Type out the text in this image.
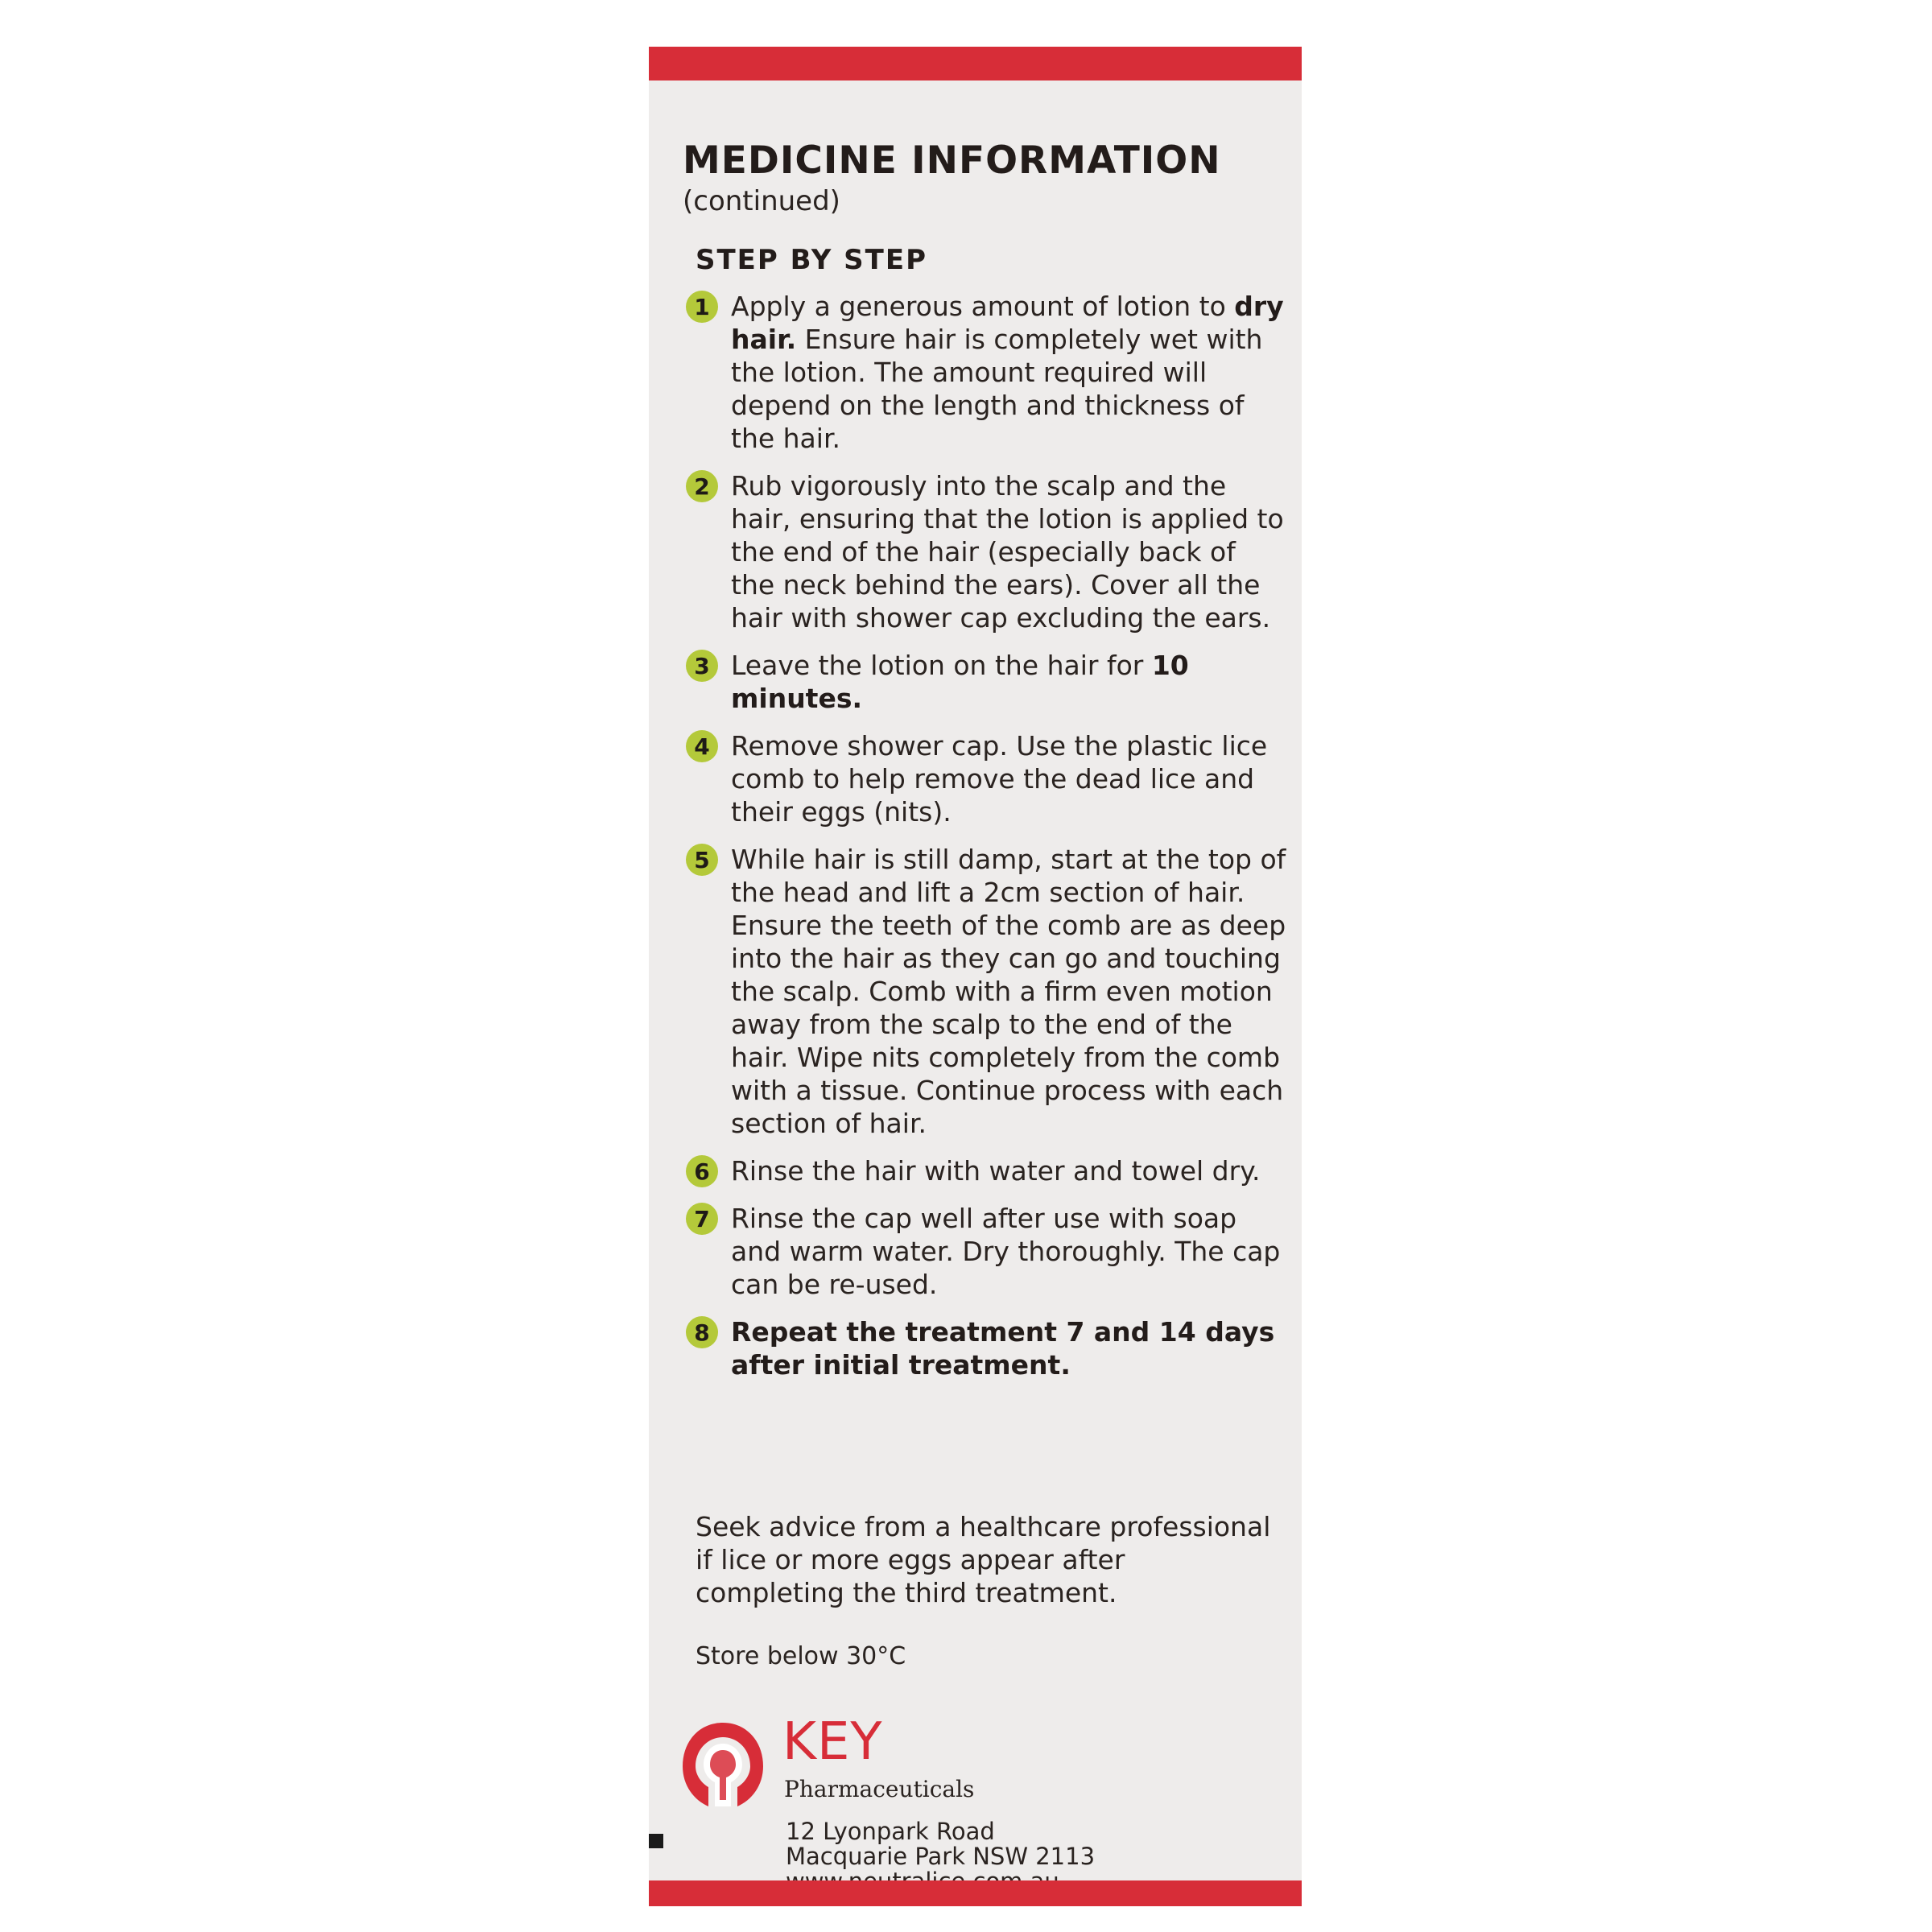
MEDICINE INFORMATION
(continued)
STEP BY STEP
1 Apply a generous amount of lotion to dry hair. Ensure hair is completely wet with the lotion. The amount required will depend on the length and thickness of the hair.
2 Rub vigorously into the scalp and the hair, ensuring that the lotion is applied to the end of the hair (especially back of the neck behind the ears). Cover all the hair with shower cap excluding the ears.
3 Leave the lotion on the hair for 10 minutes.
4 Remove shower cap. Use the plastic lice comb to help remove the dead lice and their eggs (nits).
5 While hair is still damp, start at the top of the head and lift a 2cm section of hair. Ensure the teeth of the comb are as deep into the hair as they can go and touching the scalp. Comb with a firm even motion away from the scalp to the end of the hair. Wipe nits completely from the comb with a tissue. Continue process with each section of hair.
6 Rinse the hair with water and towel dry.
7 Rinse the cap well after use with soap and warm water. Dry thoroughly. The cap can be re-used.
8 Repeat the treatment 7 and 14 days after initial treatment.
Seek advice from a healthcare professional if lice or more eggs appear after completing the third treatment.
Store below 30°C
KEY
Pharmaceuticals
12 Lyonpark Road
Macquarie Park NSW 2113
